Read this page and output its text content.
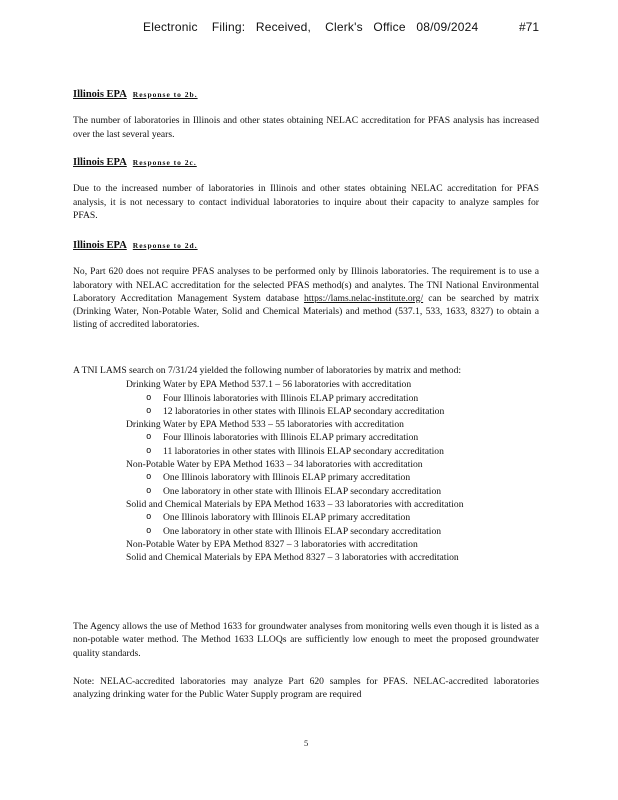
Electronic    Filing:   Received,    Clerk's   Office   08/09/2024	#71
Illinois EPA Response to 2b.

The number of laboratories in Illinois and other states obtaining NELAC accreditation for PFAS analysis has increased over the last several years.

Illinois EPA Response to 2c.

Due to the increased number of laboratories in Illinois and other states obtaining NELAC accreditation for PFAS analysis, it is not necessary to contact individual laboratories to inquire about their capacity to analyze samples for PFAS.

Illinois EPA Response to 2d.

No, Part 620 does not require PFAS analyses to be performed only by Illinois laboratories. The requirement is to use a laboratory with NELAC accreditation for the selected PFAS method(s) and analytes. The TNI National Environmental Laboratory Accreditation Management System database https://lams.nelac-institute.org/ can be searched by matrix (Drinking Water, Non-Potable Water, Solid and Chemical Materials) and method (537.1, 533, 1633, 8327) to obtain a listing of accredited laboratories.

A TNI LAMS search on 7/31/24 yielded the following number of laboratories by matrix and method:

Drinking Water by EPA Method 537.1 – 56 laboratories with accreditation
o Four Illinois laboratories with Illinois ELAP primary accreditation
o 12 laboratories in other states with Illinois ELAP secondary accreditation
Drinking Water by EPA Method 533 – 55 laboratories with accreditation
o Four Illinois laboratories with Illinois ELAP primary accreditation
o 11 laboratories in other states with Illinois ELAP secondary accreditation
Non-Potable Water by EPA Method 1633 – 34 laboratories with accreditation
o One Illinois laboratory with Illinois ELAP primary accreditation
o One laboratory in other state with Illinois ELAP secondary accreditation
Solid and Chemical Materials by EPA Method 1633 – 33 laboratories with accreditation
o One Illinois laboratory with Illinois ELAP primary accreditation
o One laboratory in other state with Illinois ELAP secondary accreditation
Non-Potable Water by EPA Method 8327 – 3 laboratories with accreditation
Solid and Chemical Materials by EPA Method 8327 – 3 laboratories with accreditation

The Agency allows the use of Method 1633 for groundwater analyses from monitoring wells even though it is listed as a non-potable water method. The Method 1633 LLOQs are sufficiently low enough to meet the proposed groundwater quality standards.

Note: NELAC-accredited laboratories may analyze Part 620 samples for PFAS. NELAC-accredited laboratories analyzing drinking water for the Public Water Supply program are required

5
